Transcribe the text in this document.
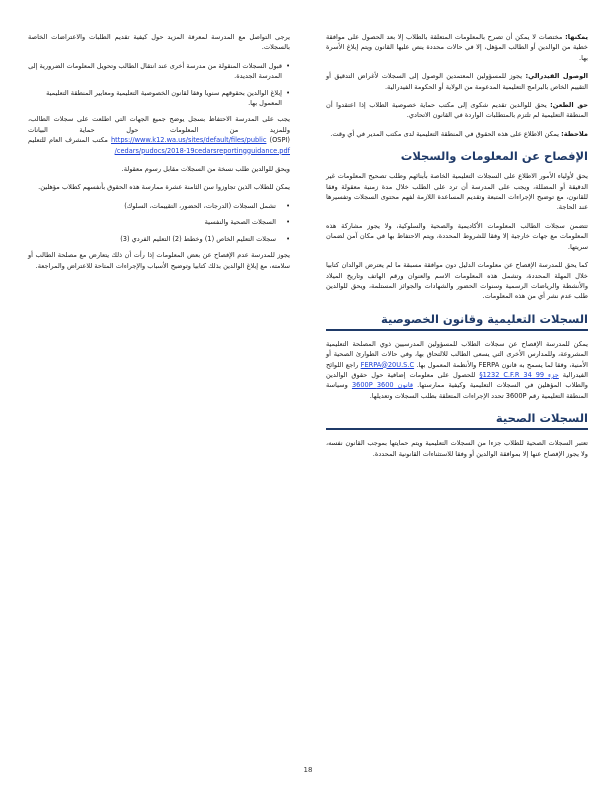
يمكنها: مختصات لا يمكن أن تصرح بالمعلومات المتعلقة بالطلاب إلا بعد الحصول على موافقة خطية من الوالدين أو الطالب المؤهل، إلا في حالات محددة ينص عليها القانون ويتم إبلاغ الأسرة بها.

الوصول الفيدرالي: يجوز للمسؤولين المعتمدين الوصول إلى السجلات لأغراض التدقيق أو التقييم الخاص بالبرامج التعليمية المدعومة من الولاية أو الحكومة الفيدرالية.

حق الطعن: يحق للوالدين تقديم شكوى إلى مكتب حماية خصوصية الطلاب إذا اعتقدوا أن المنطقة التعليمية لم تلتزم بالمتطلبات الواردة في القانون الاتحادي.

ملاحظة: يمكن الاطلاع على هذه الحقوق في المنطقة التعليمية لدى مكتب المدير في أي وقت.

الإفصاح عن المعلومات والسجلات

يحق لأولياء الأمور الاطلاع على السجلات التعليمية الخاصة بأبنائهم وطلب تصحيح المعلومات غير الدقيقة أو المضللة، ويجب على المدرسة أن ترد على الطلب خلال مدة زمنية معقولة وفقا للقانون، مع توضيح الإجراءات المتبعة وتقديم المساعدة اللازمة لفهم محتوى السجلات وتفسيرها عند الحاجة.

تتضمن سجلات الطالب المعلومات الأكاديمية والصحية والسلوكية، ولا يجوز مشاركة هذه المعلومات مع جهات خارجية إلا وفقا للشروط المحددة، ويتم الاحتفاظ بها في مكان آمن لضمان سريتها.

كما يحق للمدرسة الإفصاح عن معلومات الدليل دون موافقة مسبقة ما لم يعترض الوالدان كتابيا خلال المهلة المحددة، وتشمل هذه المعلومات الاسم والعنوان ورقم الهاتف وتاريخ الميلاد والأنشطة والرياضات الرسمية وسنوات الحضور والشهادات والجوائز المستلمة، ويحق للوالدين طلب عدم نشر أي من هذه المعلومات.

السجلات التعليمية وقانون الخصوصية

يمكن للمدرسة الإفصاح عن سجلات الطلاب للمسؤولين المدرسيين ذوي المصلحة التعليمية المشروعة، وللمدارس الأخرى التي يسعى الطالب للالتحاق بها، وفي حالات الطوارئ الصحية أو الأمنية، وفقا لما يسمح به قانون FERPA والأنظمة المعمول بها. FERPA@20U.S.C راجع اللوائح الفيدرالية §1232 C.F.R 34 جزء 99 للحصول على معلومات إضافية حول حقوق الوالدين والطلاب المؤهلين في السجلات التعليمية وكيفية ممارستها. 3600P قانون 3600 وسياسة المنطقة التعليمية رقم 3600P تحدد الإجراءات المتعلقة بطلب السجلات وتعديلها.

السجلات الصحية

تعتبر السجلات الصحية للطلاب جزءا من السجلات التعليمية ويتم حمايتها بموجب القانون نفسه، ولا يجوز الإفصاح عنها إلا بموافقة الوالدين أو وفقا للاستثناءات القانونية المحددة.

يرجى التواصل مع المدرسة لمعرفة المزيد حول كيفية تقديم الطلبات والاعتراضات الخاصة بالسجلات.

• قبول السجلات المنقولة من مدرسة أخرى عند انتقال الطالب وتحويل المعلومات الضرورية إلى المدرسة الجديدة.
• إبلاغ الوالدين بحقوقهم سنويا وفقا لقانون الخصوصية التعليمية ومعايير المنطقة التعليمية المعمول بها.

يجب على المدرسة الاحتفاظ بسجل يوضح جميع الجهات التي اطلعت على سجلات الطالب، وللمزيد من المعلومات حول حماية البيانات https://www.k12.wa.us/sites/default/files/public (OSPI) مكتب المشرف العام للتعليم /cedars/pudocs/2018-19cedarsreportingguidance.pdf

ويحق للوالدين طلب نسخة من السجلات مقابل رسوم معقولة.

يمكن للطلاب الذين تجاوزوا سن الثامنة عشرة ممارسة هذه الحقوق بأنفسهم كطلاب مؤهلين.

• تشمل السجلات (الدرجات، الحضور، التقييمات، السلوك)
• السجلات الصحية والنفسية
• سجلات التعليم الخاص (1) وخطط (2) التعليم الفردي (3)

يجوز للمدرسة عدم الإفصاح عن بعض المعلومات إذا رأت أن ذلك يتعارض مع مصلحة الطالب أو سلامته، مع إبلاغ الوالدين بذلك كتابيا وتوضيح الأسباب والإجراءات المتاحة للاعتراض والمراجعة.

18
